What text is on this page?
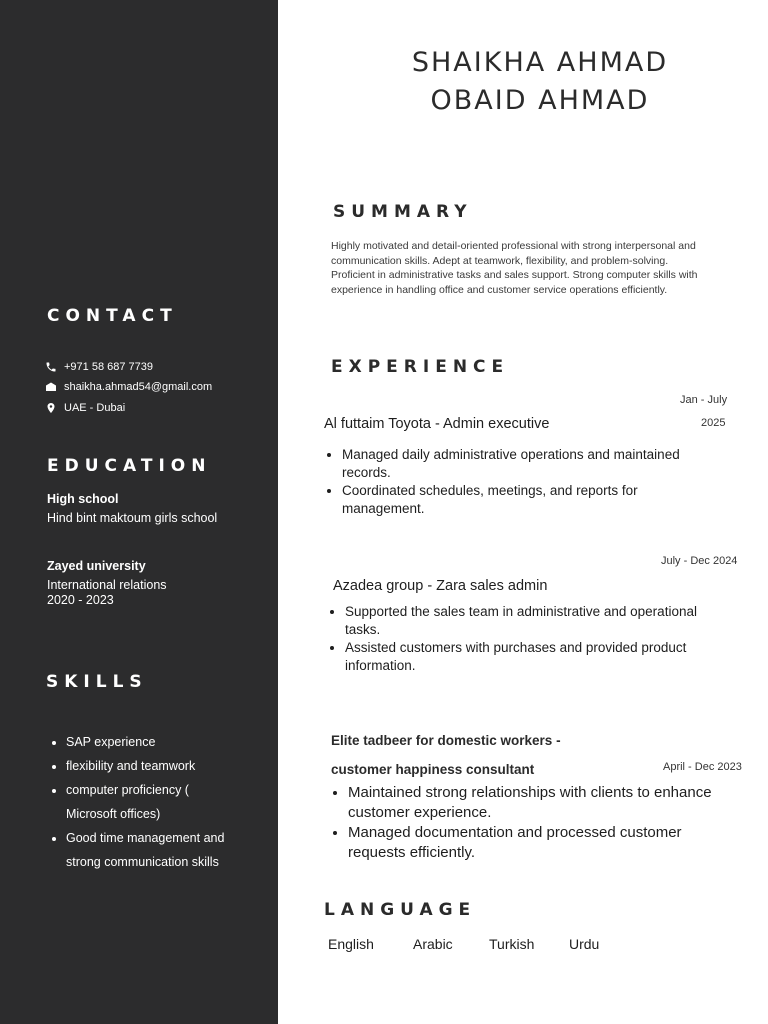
CONTACT
+971 58 687 7739
shaikha.ahmad54@gmail.com
UAE - Dubai
EDUCATION
High school
Hind bint maktoum girls school
Zayed university
International relations
2020 - 2023
SKILLS
• SAP experience
• flexibility and teamwork
• computer proficiency (
Microsoft offices)
• Good time management and
strong communication skills
SHAIKHA AHMAD
OBAID AHMAD
SUMMARY
Highly motivated and detail-oriented professional with strong interpersonal and communication skills. Adept at teamwork, flexibility, and problem-solving. Proficient in administrative tasks and sales support. Strong computer skills with experience in handling office and customer service operations efficiently.
EXPERIENCE
Jan - July
2025
Al futtaim Toyota - Admin executive
• Managed daily administrative operations and maintained records.
• Coordinated schedules, meetings, and reports for management.
July - Dec 2024
Azadea group - Zara sales admin
• Supported the sales team in administrative and operational tasks.
• Assisted customers with purchases and provided product information.
Elite tadbeer for domestic workers -
customer happiness consultant	April - Dec 2023
• Maintained strong relationships with clients to enhance customer experience.
• Managed documentation and processed customer requests efficiently.
LANGUAGE
English	Arabic	Turkish Urdu
